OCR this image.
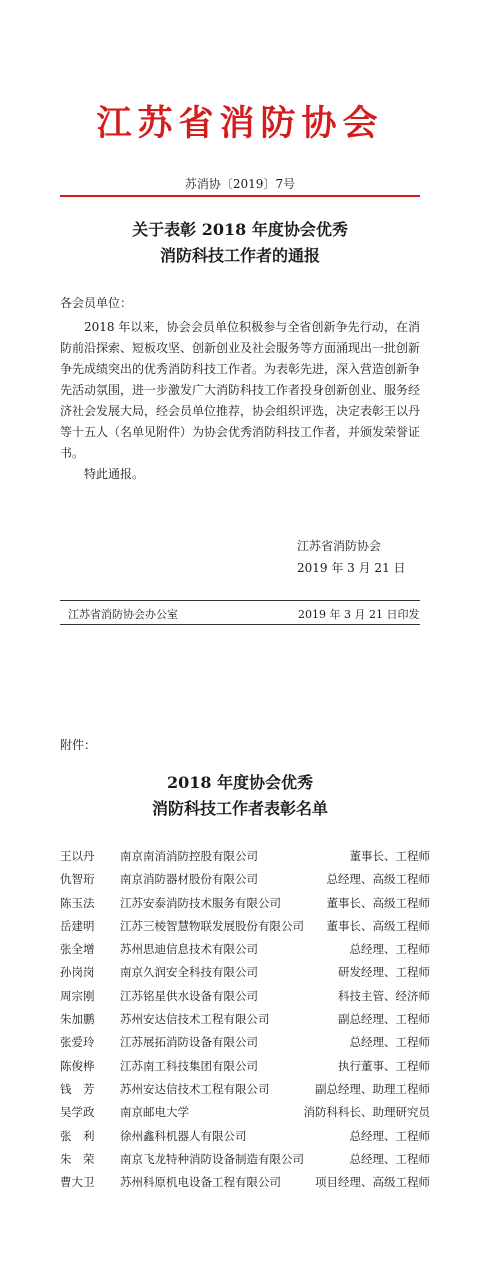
江苏省消防协会
苏消协〔2019〕7号
关于表彰 2018 年度协会优秀
消防科技工作者的通报
各会员单位：

2018 年以来，协会会员单位积极参与全省创新争先行动，在消防前沿探索、短板攻坚、创新创业及社会服务等方面涌现出一批创新争先成绩突出的优秀消防科技工作者。为表彰先进，深入营造创新争先活动氛围，进一步激发广大消防科技工作者投身创新创业、服务经济社会发展大局，经会员单位推荐，协会组织评选，决定表彰王以丹等十五人（名单见附件）为协会优秀消防科技工作者，并颁发荣誉证书。

特此通报。

江苏省消防协会
2019 年 3 月 21 日
江苏省消防协会办公室	2019 年 3 月 21 日印发
附件：
2018 年度协会优秀
消防科技工作者表彰名单
王以丹 南京南消消防控股有限公司	董事长、工程师
仇智珩 南京消防器材股份有限公司	总经理、高级工程师
陈玉法 江苏安泰消防技术服务有限公司	董事长、高级工程师
岳建明 江苏三棱智慧物联发展股份有限公司 董事长、高级工程师
张全增 苏州思迪信息技术有限公司	总经理、工程师
孙岗岗 南京久润安全科技有限公司	研发经理、工程师
周宗刚 江苏铭星供水设备有限公司	科技主管、经济师
朱加鹏 苏州安达信技术工程有限公司	副总经理、工程师
张爱玲 江苏展拓消防设备有限公司	总经理、工程师
陈俊桦 江苏南工科技集团有限公司	执行董事、工程师
钱　芳 苏州安达信技术工程有限公司	副总经理、助理工程师
吴学政 南京邮电大学	消防科科长、助理研究员
张　利 徐州鑫科机器人有限公司	总经理、工程师
朱　荣 南京飞龙特种消防设备制造有限公司	总经理、工程师
曹大卫 苏州科原机电设备工程有限公司	项目经理、高级工程师
